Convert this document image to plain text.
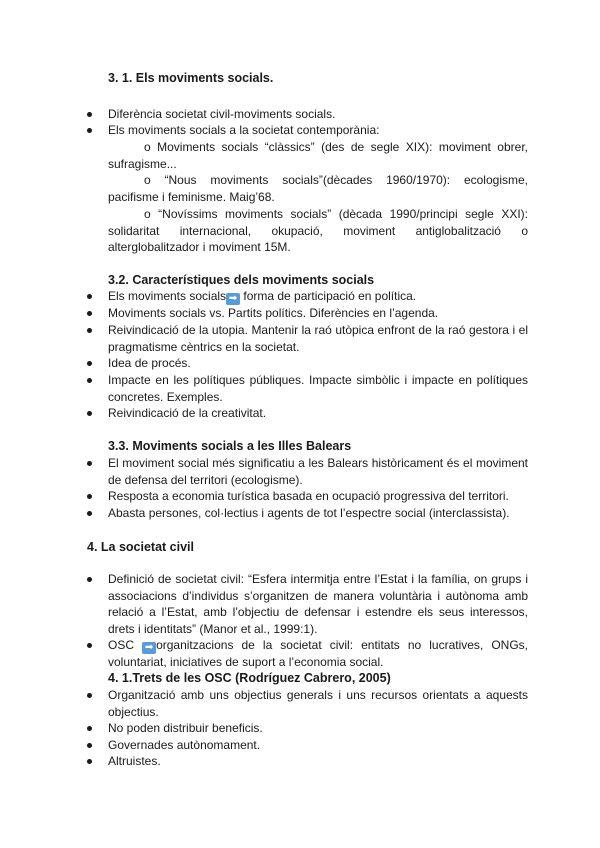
3. 1. Els moviments socials.
Diferència societat civil-moviments socials.
Els moviments socials a la societat contemporània:
o Moviments socials “clàssics” (des de segle XIX): moviment obrer, sufragisme...
o “Nous moviments socials”(dècades 1960/1970): ecologisme, pacifisme i feminisme. Maig’68.
o “Novíssims moviments socials” (dècada 1990/principi segle XXI): solidaritat internacional, okupació, moviment antiglobalització o alterglobalitzador i moviment 15M.
3.2. Característiques dels moviments socials
Els moviments socials ➡ forma de participació en política.
Moviments socials vs. Partits polítics. Diferències en l’agenda.
Reivindicació de la utopia. Mantenir la raó utòpica enfront de la raó gestora i el pragmatisme cèntrics en la societat.
Idea de procés.
Impacte en les polítiques públiques. Impacte simbòlic i impacte en polítiques concretes. Exemples.
Reivindicació de la creativitat.
3.3. Moviments socials a les Illes Balears
El moviment social més significatiu a les Balears històricament és el moviment de defensa del territori (ecologisme).
Resposta a economia turística basada en ocupació progressiva del territori.
Abasta persones, col·lectius i agents de tot l’espectre social (interclassista).
4. La societat civil
Definició de societat civil: “Esfera intermitja entre l’Estat i la família, on grups i associacions d’individus s’organitzen de manera voluntària i autònoma amb relació a l’Estat, amb l’objectiu de defensar i estendre els seus interessos, drets i identitats” (Manor et al., 1999:1).
OSC ➡ organitzacions de la societat civil: entitats no lucratives, ONGs, voluntariat, iniciatives de suport a l’economia social.
4. 1.Trets de les OSC (Rodríguez Cabrero, 2005)
Organització amb uns objectius generals i uns recursos orientats a aquests objectius.
No poden distribuir beneficis.
Governades autònomament.
Altruistes.
